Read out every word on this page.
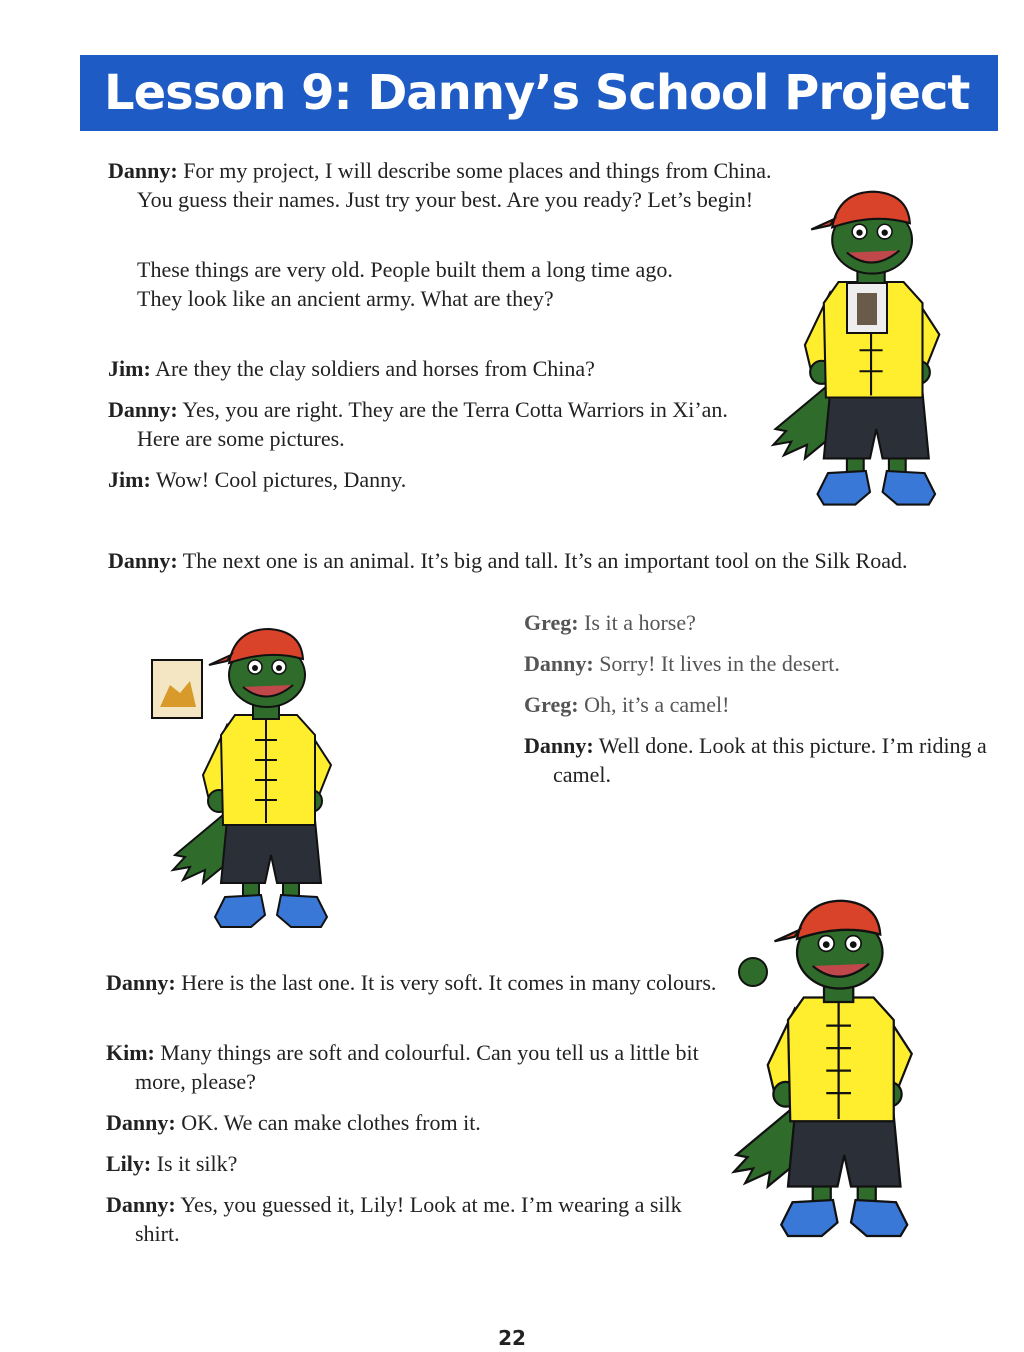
Lesson 9: Danny’s School Project
Danny: For my project, I will describe some places and things from China. You guess their names. Just try your best. Are you ready? Let’s begin!
These things are very old. People built them a long time ago. They look like an ancient army. What are they?
Jim: Are they the clay soldiers and horses from China?
Danny: Yes, you are right. They are the Terra Cotta Warriors in Xi’an. Here are some pictures.
Jim: Wow! Cool pictures, Danny.
Danny: The next one is an animal. It’s big and tall. It’s an important tool on the Silk Road.
Greg: Is it a horse?
Danny: Sorry! It lives in the desert.
Greg: Oh, it’s a camel!
Danny: Well done. Look at this picture. I’m riding a camel.
Danny: Here is the last one. It is very soft. It comes in many colours.
Kim: Many things are soft and colourful. Can you tell us a little bit more, please?
Danny: OK. We can make clothes from it.
Lily: Is it silk?
Danny: Yes, you guessed it, Lily! Look at me. I’m wearing a silk shirt.
22
